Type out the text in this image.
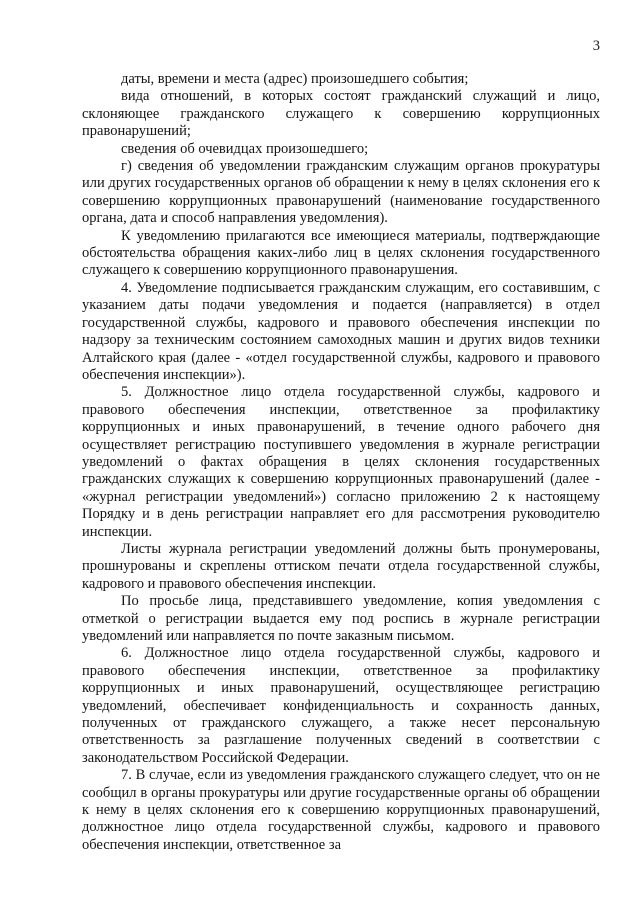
3

даты, времени и места (адрес) произошедшего события;

вида отношений, в которых состоят гражданский служащий и лицо, склоняющее гражданского служащего к совершению коррупционных правонарушений;

сведения об очевидцах произошедшего;

г) сведения об уведомлении гражданским служащим органов прокуратуры или других государственных органов об обращении к нему в целях склонения его к совершению коррупционных правонарушений (наименование государственного органа, дата и способ направления уведомления).

К уведомлению прилагаются все имеющиеся материалы, подтверждающие обстоятельства обращения каких-либо лиц в целях склонения государственного служащего к совершению коррупционного правонарушения.

4. Уведомление подписывается гражданским служащим, его составившим, с указанием даты подачи уведомления и подается (направляется) в отдел государственной службы, кадрового и правового обеспечения инспекции по надзору за техническим состоянием самоходных машин и других видов техники Алтайского края (далее - «отдел государственной службы, кадрового и правового обеспечения инспекции»).

5. Должностное лицо отдела государственной службы, кадрового и правового обеспечения инспекции, ответственное за профилактику коррупционных и иных правонарушений, в течение одного рабочего дня осуществляет регистрацию поступившего уведомления в журнале регистрации уведомлений о фактах обращения в целях склонения государственных гражданских служащих к совершению коррупционных правонарушений (далее - «журнал регистрации уведомлений») согласно приложению 2 к настоящему Порядку и в день регистрации направляет его для рассмотрения руководителю инспекции.

Листы журнала регистрации уведомлений должны быть пронумерованы, прошнурованы и скреплены оттиском печати отдела государственной службы, кадрового и правового обеспечения инспекции.

По просьбе лица, представившего уведомление, копия уведомления с отметкой о регистрации выдается ему под роспись в журнале регистрации уведомлений или направляется по почте заказным письмом.

6. Должностное лицо отдела государственной службы, кадрового и правового обеспечения инспекции, ответственное за профилактику коррупционных и иных правонарушений, осуществляющее регистрацию уведомлений, обеспечивает конфиденциальность и сохранность данных, полученных от гражданского служащего, а также несет персональную ответственность за разглашение полученных сведений в соответствии с законодательством Российской Федерации.

7. В случае, если из уведомления гражданского служащего следует, что он не сообщил в органы прокуратуры или другие государственные органы об обращении к нему в целях склонения его к совершению коррупционных правонарушений, должностное лицо отдела государственной службы, кадрового и правового обеспечения инспекции, ответственное за
